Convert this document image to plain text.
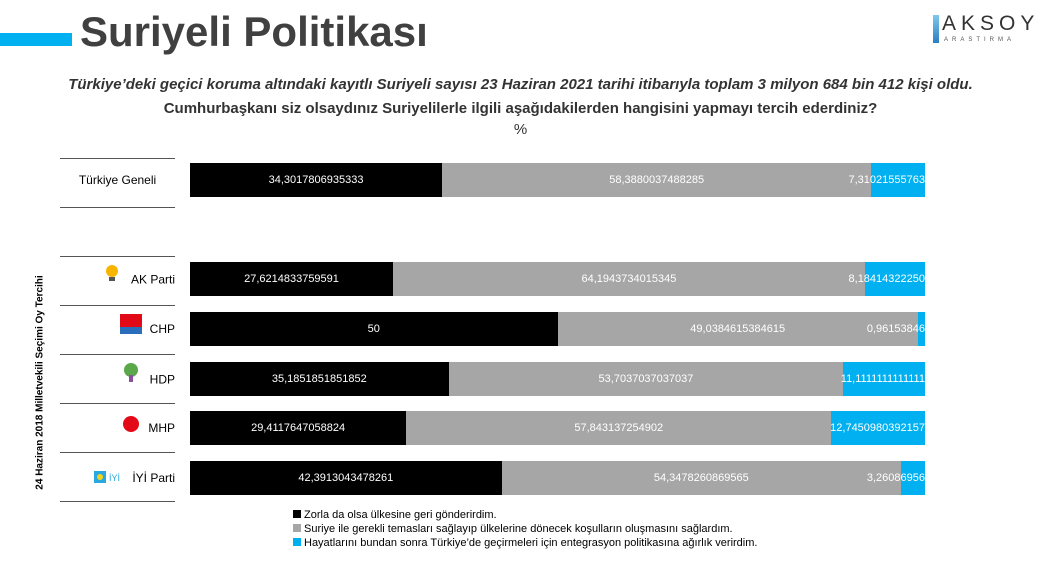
Suriyeli Politikası	AKSOY
ARASTIRMA
Türkiye’deki geçici koruma altındaki kayıtlı Suriyeli sayısı 23 Haziran 2021 tarihi itibarıyla toplam 3 milyon 684 bin 412 kişi oldu.
Cumhurbaşkanı siz olsaydınız Suriyelilerle ilgili aşağıdakilerden hangisini yapmayı tercih ederdiniz?
%
24 Haziran 2018 Milletvekili Seçimi Oy Tercihi
Türkiye Geneli	34,3017806935333	58,3880037488285	7,31021555763
AK Parti	27,6214833759591	64,1943734015345	8,18414322250
CHP	50	49,0384615384615	0,96153846
HDP	35,1851851851852	53,7037037037037	11,1111111111111
MHP	29,4117647058824	57,843137254902	12,7450980392157
İYİ İYİ Parti	42,3913043478261	54,3478260869565	3,26086956
Zorla da olsa ülkesine geri gönderirdim.
Suriye ile gerekli temasları sağlayıp ülkelerine dönecek koşulların oluşmasını sağlardım.
Hayatlarını bundan sonra Türkiye’de geçirmeleri için entegrasyon politikasına ağırlık verirdim.
